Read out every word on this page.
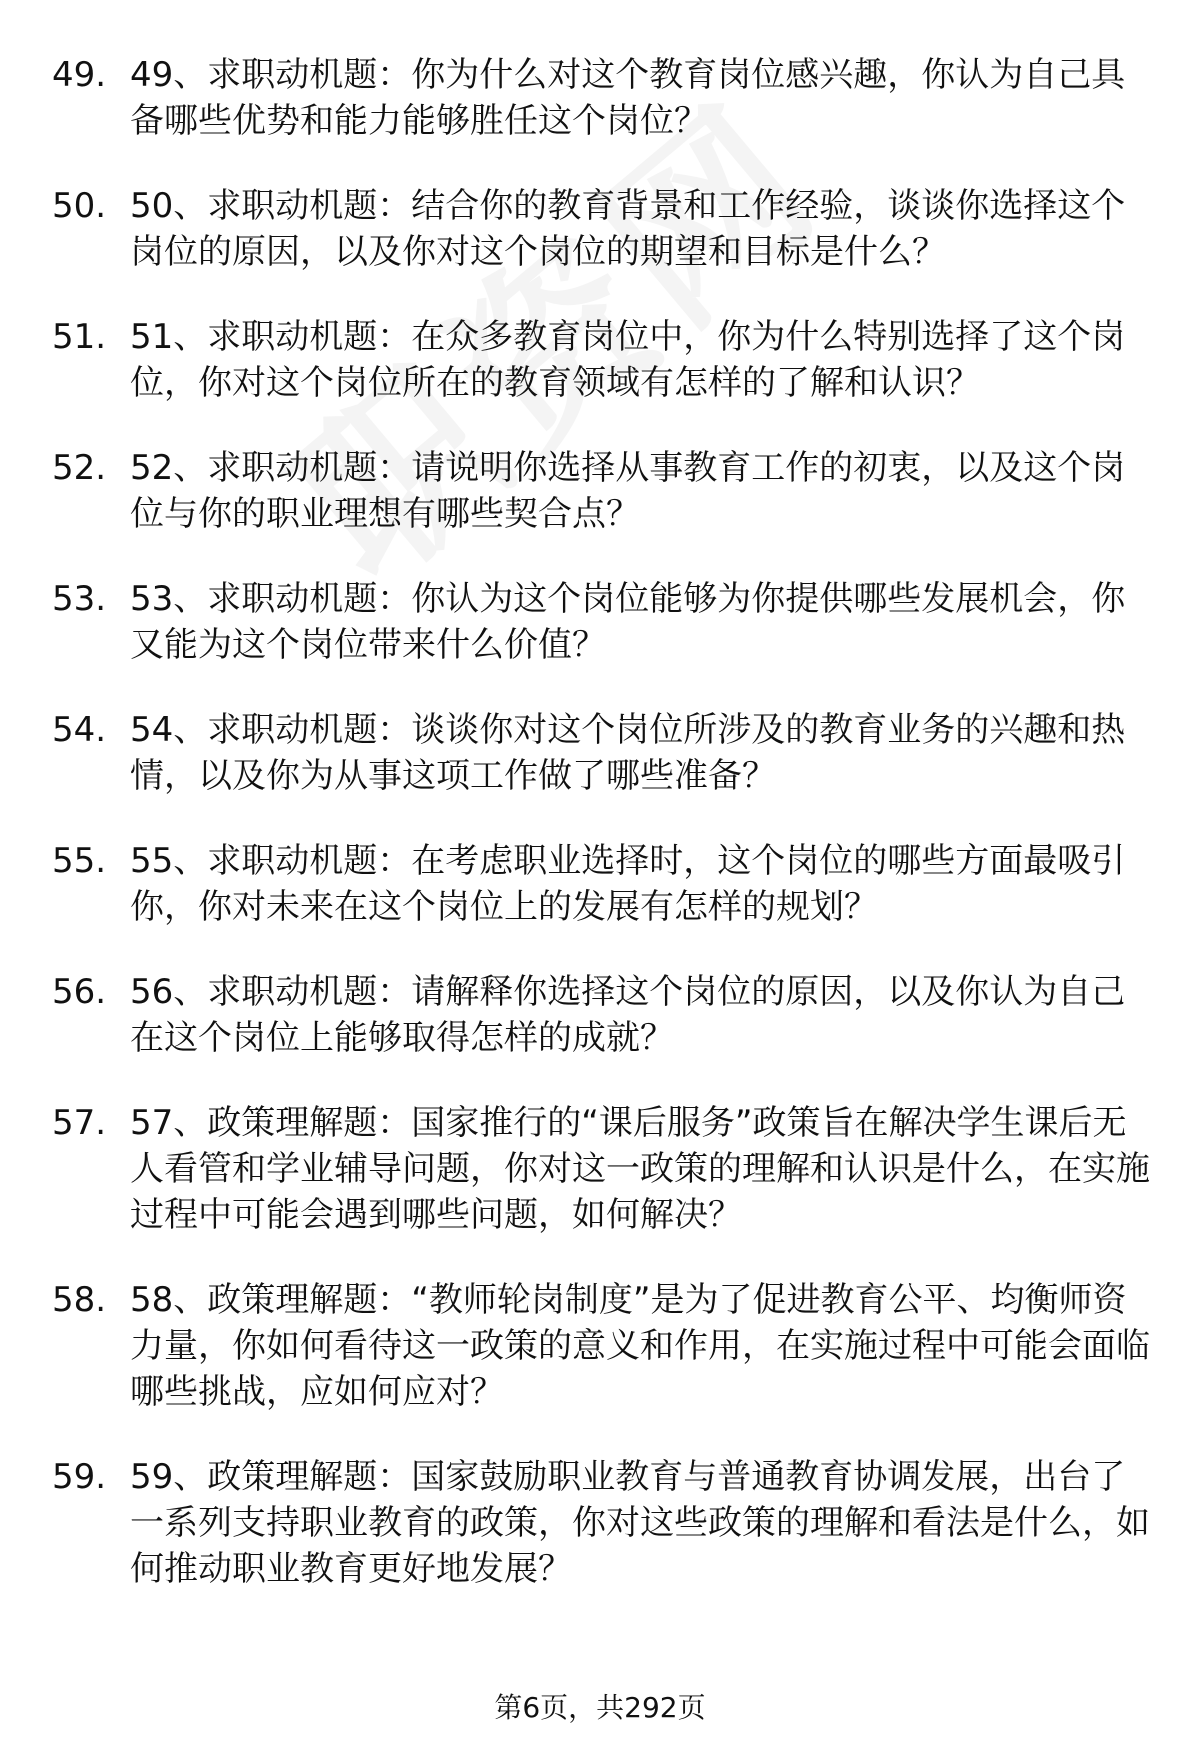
49. 49、求职动机题：你为什么对这个教育岗位感兴趣，你认为自己具备哪些优势和能力能够胜任这个岗位？
50. 50、求职动机题：结合你的教育背景和工作经验，谈谈你选择这个岗位的原因，以及你对这个岗位的期望和目标是什么？
51. 51、求职动机题：在众多教育岗位中，你为什么特别选择了这个岗位，你对这个岗位所在的教育领域有怎样的了解和认识？
52. 52、求职动机题：请说明你选择从事教育工作的初衷，以及这个岗位与你的职业理想有哪些契合点？
53. 53、求职动机题：你认为这个岗位能够为你提供哪些发展机会，你又能为这个岗位带来什么价值？
54. 54、求职动机题：谈谈你对这个岗位所涉及的教育业务的兴趣和热情，以及你为从事这项工作做了哪些准备？
55. 55、求职动机题：在考虑职业选择时，这个岗位的哪些方面最吸引你，你对未来在这个岗位上的发展有怎样的规划？
56. 56、求职动机题：请解释你选择这个岗位的原因，以及你认为自己在这个岗位上能够取得怎样的成就？
57. 57、政策理解题：国家推行的“课后服务”政策旨在解决学生课后无人看管和学业辅导问题，你对这一政策的理解和认识是什么，在实施过程中可能会遇到哪些问题，如何解决？
58. 58、政策理解题：“教师轮岗制度”是为了促进教育公平、均衡师资力量，你如何看待这一政策的意义和作用，在实施过程中可能会面临哪些挑战，应如何应对？
59. 59、政策理解题：国家鼓励职业教育与普通教育协调发展，出台了一系列支持职业教育的政策，你对这些政策的理解和看法是什么，如何推动职业教育更好地发展？
第6页，共292页
